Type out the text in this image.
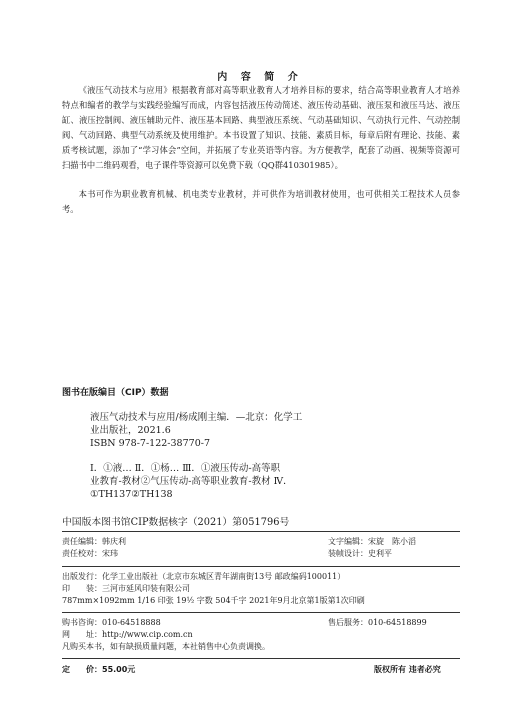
内 容 简 介

《液压气动技术与应用》根据教育部对高等职业教育人才培养目标的要求，结合高等职业教育人才培养特点和编者的教学与实践经验编写而成，内容包括液压传动简述、液压传动基础、液压泵和液压马达、液压缸、液压控制阀、液压辅助元件、液压基本回路、典型液压系统、气动基础知识、气动执行元件、气动控制阀、气动回路、典型气动系统及使用维护。本书设置了知识、技能、素质目标，每章后附有理论、技能、素质考核试题，添加了“学习体会”空间，并拓展了专业英语等内容。为方便教学，配套了动画、视频等资源可扫描书中二维码观看，电子课件等资源可以免费下载（QQ群410301985）。

本书可作为职业教育机械、机电类专业教材，并可供作为培训教材使用，也可供相关工程技术人员参考。

图书在版编目（CIP）数据
液压气动技术与应用/杨成刚主编．—北京：化学工
业出版社，2021.6
ISBN 978-7-122-38770-7
Ⅰ．①液… Ⅱ．①杨… Ⅲ．①液压传动-高等职
业教育-教材②气压传动-高等职业教育-教材 Ⅳ．
①TH137②TH138
中国版本图书馆CIP数据核字（2021）第051796号
责任编辑：韩庆利	文字编辑：宋旋　陈小滔
责任校对：宋玮	装帧设计：史利平
出版发行：化学工业出版社（北京市东城区青年湖南街13号 邮政编码100011）
印　　装：三河市延风印装有限公司
787mm×1092mm 1/16 印张 19½ 字数 504千字 2021年9月北京第1版第1次印刷
购书咨询：010-64518888	售后服务：010-64518899
网　　址：http://www.cip.com.cn
凡购买本书，如有缺损质量问题，本社销售中心负责调换。
定　　价：55.00元	版权所有 违者必究
